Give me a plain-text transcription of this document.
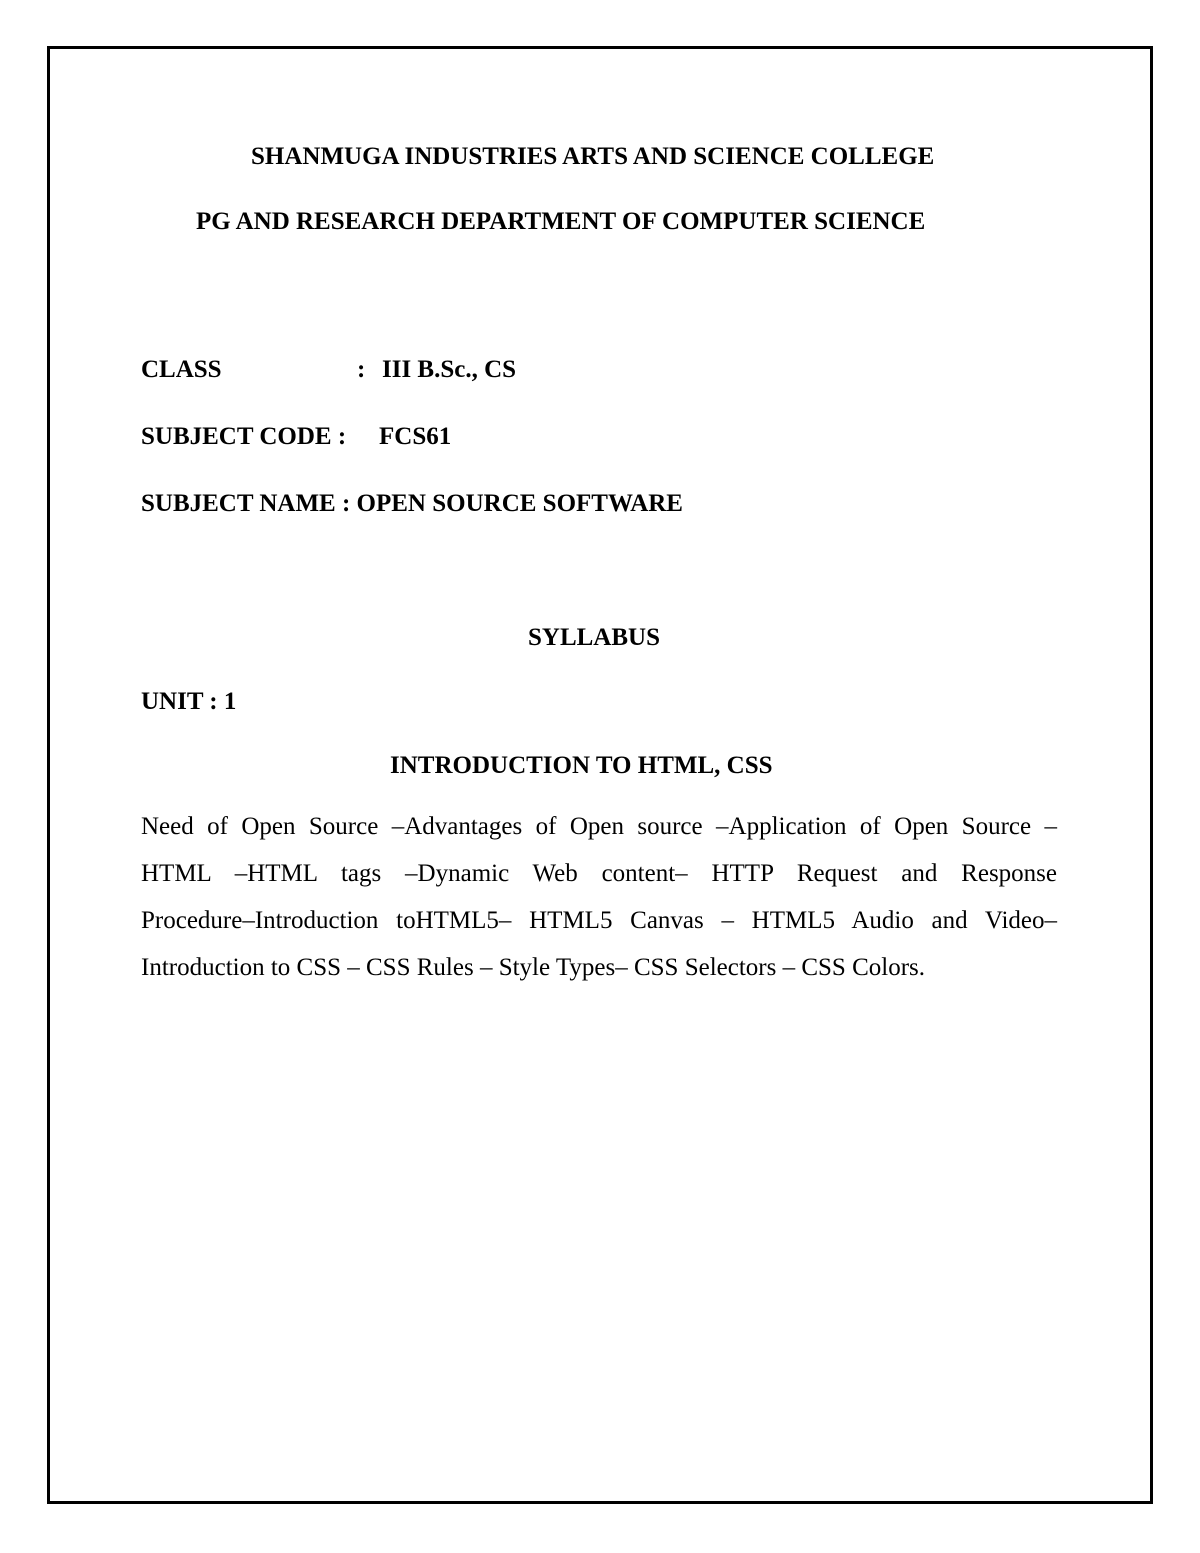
SHANMUGA INDUSTRIES ARTS AND SCIENCE COLLEGE
PG AND RESEARCH DEPARTMENT OF COMPUTER SCIENCE
CLASS	: III B.Sc., CS
SUBJECT CODE : FCS61
SUBJECT NAME : OPEN SOURCE SOFTWARE
SYLLABUS
UNIT : 1
INTRODUCTION TO HTML, CSS
Need of Open Source –Advantages of Open source –Application of Open Source –
HTML –HTML tags –Dynamic Web content– HTTP Request and Response
Procedure–Introduction toHTML5– HTML5 Canvas – HTML5 Audio and Video–
Introduction to CSS – CSS Rules – Style Types– CSS Selectors – CSS Colors.
